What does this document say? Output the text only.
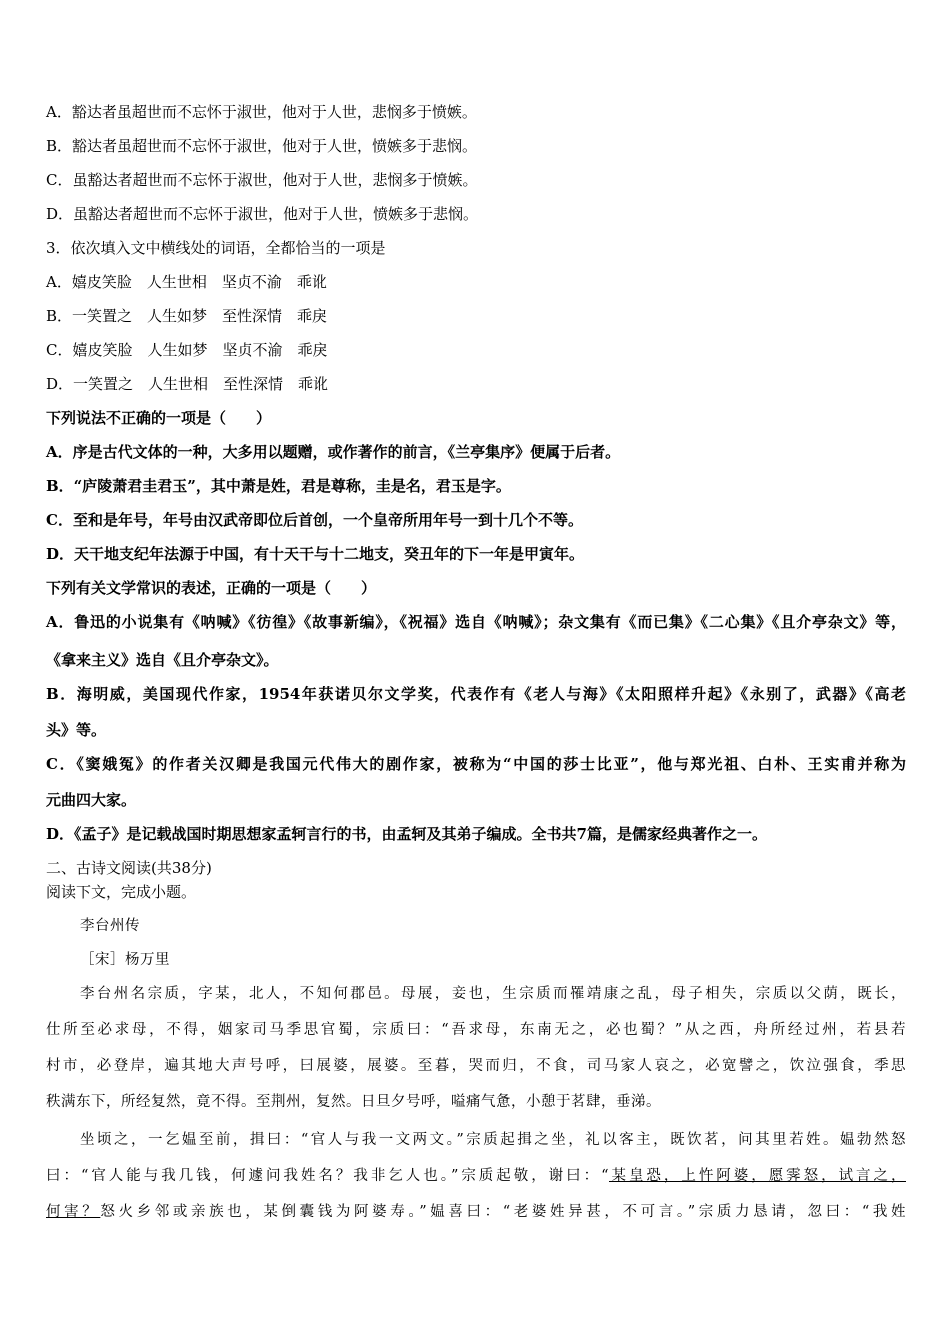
A．豁达者虽超世而不忘怀于淑世，他对于人世，悲悯多于愤嫉。
B．豁达者虽超世而不忘怀于淑世，他对于人世，愤嫉多于悲悯。
C．虽豁达者超世而不忘怀于淑世，他对于人世，悲悯多于愤嫉。
D．虽豁达者超世而不忘怀于淑世，他对于人世，愤嫉多于悲悯。
3．依次填入文中横线处的词语，全都恰当的一项是
A．嬉皮笑脸　人生世相　坚贞不渝　乖讹
B．一笑置之　人生如梦　至性深情　乖戾
C．嬉皮笑脸　人生如梦　坚贞不渝　乖戾
D．一笑置之　人生世相　至性深情　乖讹
下列说法不正确的一项是（　　）
A．序是古代文体的一种，大多用以题赠，或作著作的前言，《兰亭集序》便属于后者。
B．“庐陵萧君圭君玉”，其中萧是姓，君是尊称，圭是名，君玉是字。
C．至和是年号，年号由汉武帝即位后首创，一个皇帝所用年号一到十几个不等。
D．天干地支纪年法源于中国，有十天干与十二地支，癸丑年的下一年是甲寅年。
下列有关文学常识的表述，正确的一项是（　　）
A．鲁迅的小说集有《呐喊》《彷徨》《故事新编》，《祝福》选自《呐喊》；杂文集有《而已集》《二心集》《且介亭杂文》等，
《拿来主义》选自《且介亭杂文》。
B．海明威，美国现代作家，1954年获诺贝尔文学奖，代表作有《老人与海》《太阳照样升起》《永别了，武器》《高老
头》等。
C．《窦娥冤》的作者关汉卿是我国元代伟大的剧作家，被称为“中国的莎士比亚”，他与郑光祖、白朴、王实甫并称为
元曲四大家。
D．《孟子》是记载战国时期思想家孟轲言行的书，由孟轲及其弟子编成。全书共7篇，是儒家经典著作之一。
二、古诗文阅读(共38分)
阅读下文，完成小题。
李台州传
［宋］杨万里
李台州名宗质，字某，北人，不知何郡邑。母展，妾也，生宗质而罹靖康之乱，母子相失，宗质以父荫，既长，
仕所至必求母，不得，姻家司马季思官蜀，宗质曰：“吾求母，东南无之，必也蜀？”从之西，舟所经过州，若县若
村市，必登岸，遍其地大声号呼，曰展婆，展婆。至暮，哭而归，不食，司马家人哀之，必宽譬之，饮泣强食，季思
秩满东下，所经复然，竟不得。至荆州，复然。日旦夕号呼，嗌痛气惫，小憩于茗肆，垂涕。
坐顷之，一乞媪至前，揖曰：“官人与我一文两文。”宗质起揖之坐，礼以客主，既饮茗，问其里若姓。媪勃然怒
曰：“官人能与我几钱，何遽问我姓名？我非乞人也。”宗质起敬，谢曰：“某皇恐，上忤阿婆，愿霁怒，试言之，
何害？怒火乡邻或亲族也，某倒囊钱为阿婆寿。”媪喜曰：“老婆姓异甚，不可言。”宗质力恳请，忽曰：“我姓
